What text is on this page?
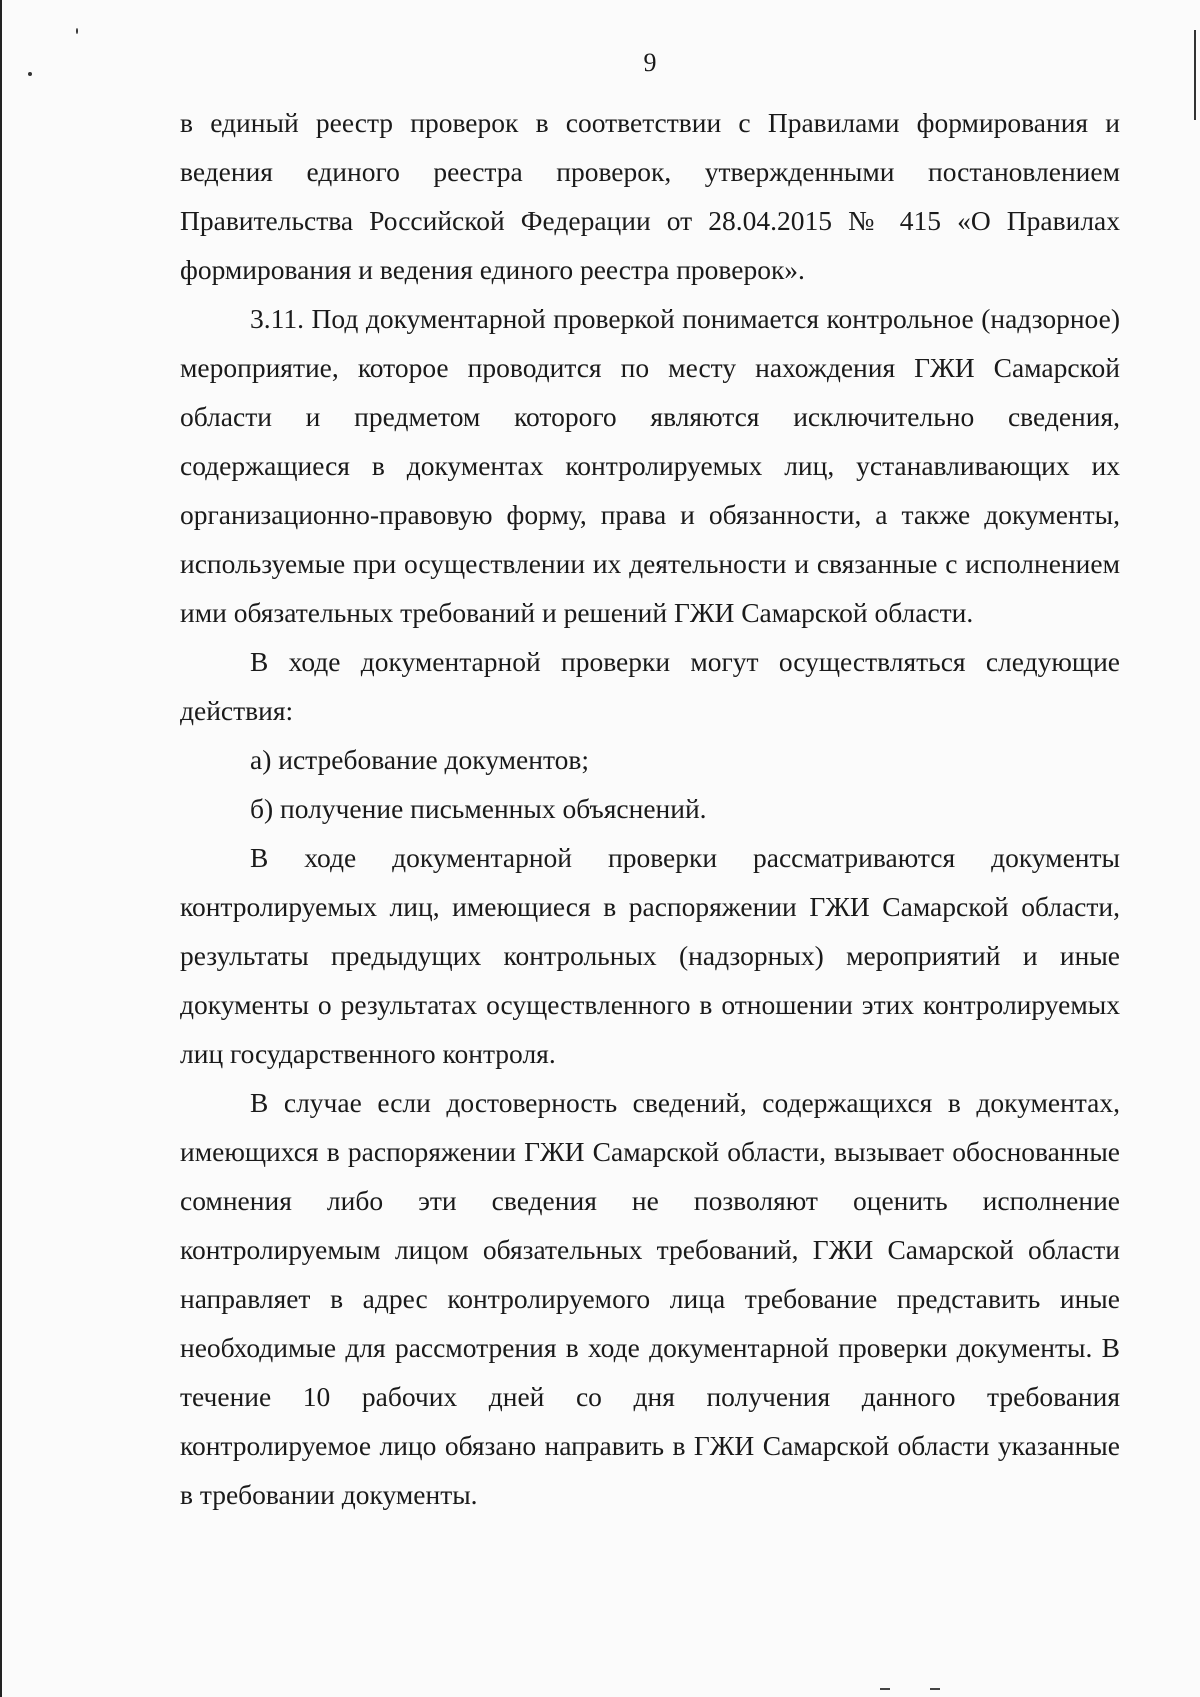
9

в единый реестр проверок в соответствии с Правилами формирования и ведения единого реестра проверок, утвержденными постановлением Правительства Российской Федерации от 28.04.2015 № 415 «О Правилах формирования и ведения единого реестра проверок».

3.11. Под документарной проверкой понимается контрольное (надзорное) мероприятие, которое проводится по месту нахождения ГЖИ Самарской области и предметом которого являются исключительно сведения, содержащиеся в документах контролируемых лиц, устанавливающих их организационно-правовую форму, права и обязанности, а также документы, используемые при осуществлении их деятельности и связанные с исполнением ими обязательных требований и решений ГЖИ Самарской области.

В ходе документарной проверки могут осуществляться следующие действия:

а) истребование документов;

б) получение письменных объяснений.

В ходе документарной проверки рассматриваются документы контролируемых лиц, имеющиеся в распоряжении ГЖИ Самарской области, результаты предыдущих контрольных (надзорных) мероприятий и иные документы о результатах осуществленного в отношении этих контролируемых лиц государственного контроля.

В случае если достоверность сведений, содержащихся в документах, имеющихся в распоряжении ГЖИ Самарской области, вызывает обоснованные сомнения либо эти сведения не позволяют оценить исполнение контролируемым лицом обязательных требований, ГЖИ Самарской области направляет в адрес контролируемого лица требование представить иные необходимые для рассмотрения в ходе документарной проверки документы. В течение 10 рабочих дней со дня получения данного требования контролируемое лицо обязано направить в ГЖИ Самарской области указанные в требовании документы.
